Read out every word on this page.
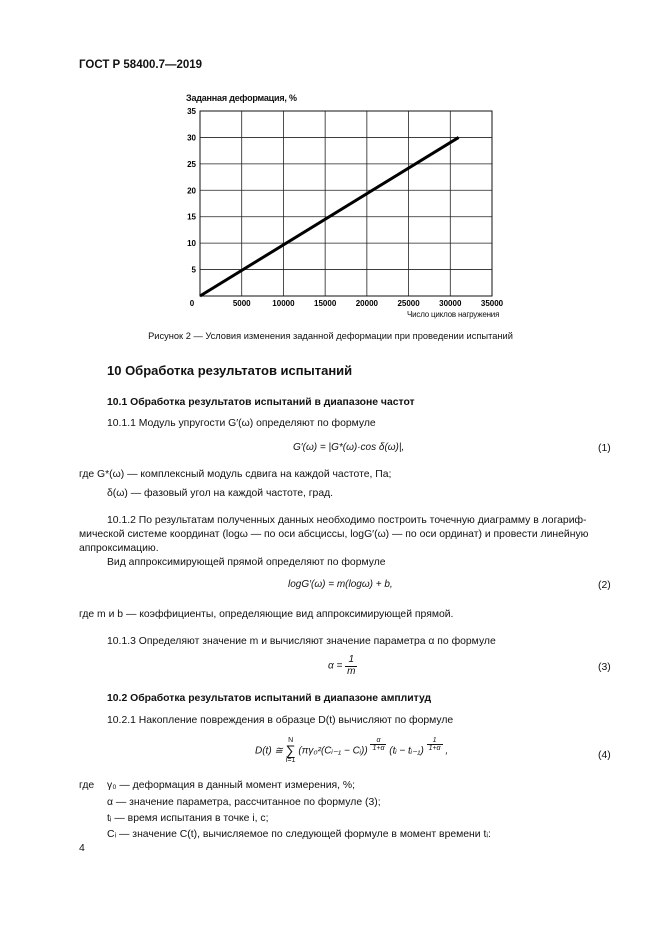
ГОСТ Р 58400.7—2019
Заданная деформация, %
0	5000	10000 15000 20000 25000 30000 35000
5
10
15
20
25
30
35
Число циклов нагружения
Рисунок 2 — Условия изменения заданной деформации при проведении испытаний
10 Обработка результатов испытаний
10.1 Обработка результатов испытаний в диапазоне частот
10.1.1 Модуль упругости G′(ω) определяют по формуле
G′(ω) = |G*(ω)·cos δ(ω)|,	(1)
где G*(ω) — комплексный модуль сдвига на каждой частоте, Па;
δ(ω) — фазовый угол на каждой частоте, град.
10.1.2 По результатам полученных данных необходимо построить точечную диаграмму в логариф-
мической системе координат (logω — по оси абсциссы, logG′(ω) — по оси ординат) и провести линейную
аппроксимацию.
Вид аппроксимирующей прямой определяют по формуле
logG′(ω) = m(logω) + b,	(2)
где m и b — коэффициенты, определяющие вид аппроксимирующей прямой.
10.1.3 Определяют значение m и вычисляют значение параметра α по формуле
$\alpha = \frac{1}{m}$	(3)
10.2 Обработка результатов испытаний в диапазоне амплитуд
10.2.1 Накопление повреждения в образце D(t) вычисляют по формуле
D(t) ≅
N
∑
i=1
(πγ₀²(Cᵢ₋₁ − Cᵢ)) $\frac{\alpha}{1+\alpha}$ (tᵢ − tᵢ₋₁) $\frac{1}{1+\alpha}$ ,	(4)
где γ₀ — деформация в данный момент измерения, %;
α — значение параметра, рассчитанное по формуле (3);
tᵢ — время испытания в точке i, с;
Cᵢ — значение C(t), вычисляемое по следующей формуле в момент времени tᵢ:
4
